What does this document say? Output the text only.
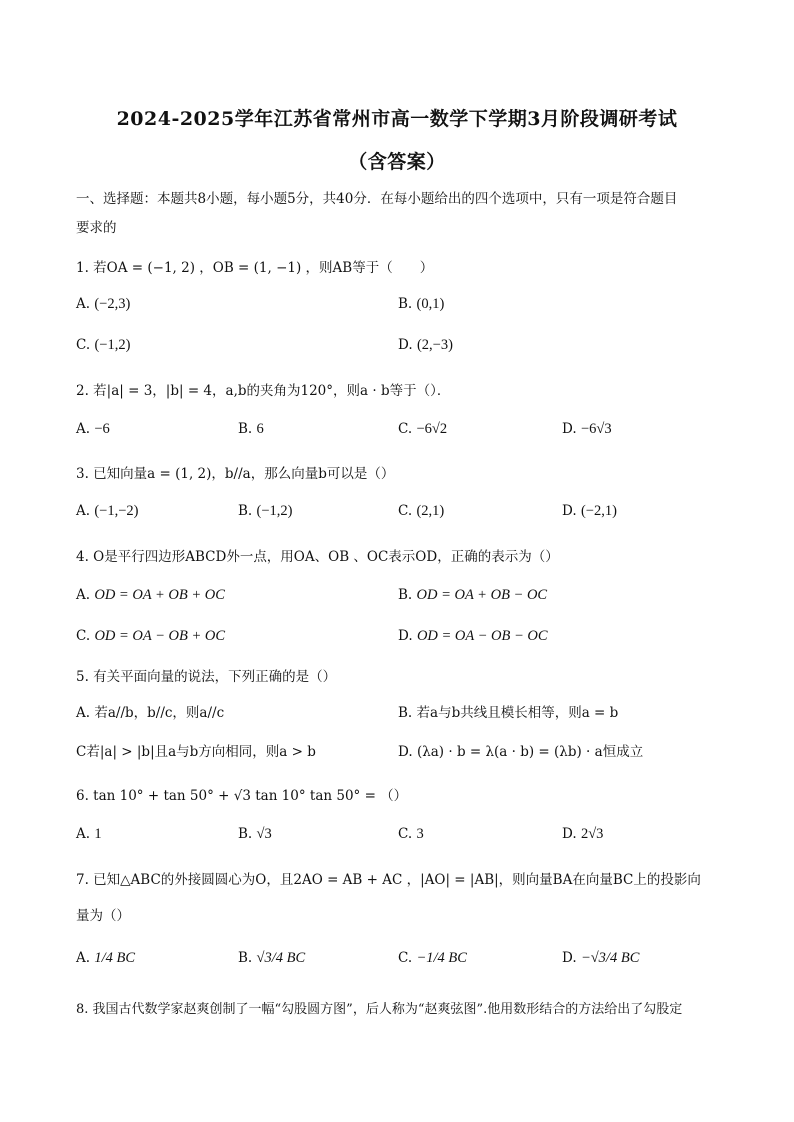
2024-2025学年江苏省常州市高一数学下学期3月阶段调研考试
（含答案）
一、选择题：本题共8小题，每小题5分，共40分．在每小题给出的四个选项中，只有一项是符合题目
要求的
1. 若OA = (−1, 2) ，OB = (1, −1) ，则AB等于（　　）
A. (−2,3)	B. (0,1)
C. (−1,2)	D. (2,−3)
2. 若|a| = 3，|b| = 4，a,b的夹角为120°，则a · b等于（）．
A. −6	B. 6	C. −6√2	D. −6√3
3. 已知向量a = (1, 2)，b//a，那么向量b可以是（）
A. (−1,−2)	B. (−1,2)	C. (2,1)	D. (−2,1)
4. O是平行四边形ABCD外一点，用OA、OB 、OC表示OD，正确的表示为（）
A. OD = OA + OB + OC	B. OD = OA + OB − OC
C. OD = OA − OB + OC	D. OD = OA − OB − OC
5. 有关平面向量的说法，下列正确的是（）
A. 若a//b，b//c，则a//c	B. 若a与b共线且模长相等，则a = b
C若|a| > |b|且a与b方向相同，则a > b	D. (λa) · b = λ(a · b) = (λb) · a恒成立
6. tan 10° + tan 50° + √3 tan 10° tan 50° = （）
A. 1	B. √3	C. 3	D. 2√3
7. 已知△ABC的外接圆圆心为O，且2AO = AB + AC ，|AO| = |AB|，则向量BA在向量BC上的投影向
量为（）
A. 1/4 BC	B. √3/4 BC	C. −1/4 BC	D. −√3/4 BC
8. 我国古代数学家赵爽创制了一幅“勾股圆方图”，后人称为“赵爽弦图”.他用数形结合的方法给出了勾股定
